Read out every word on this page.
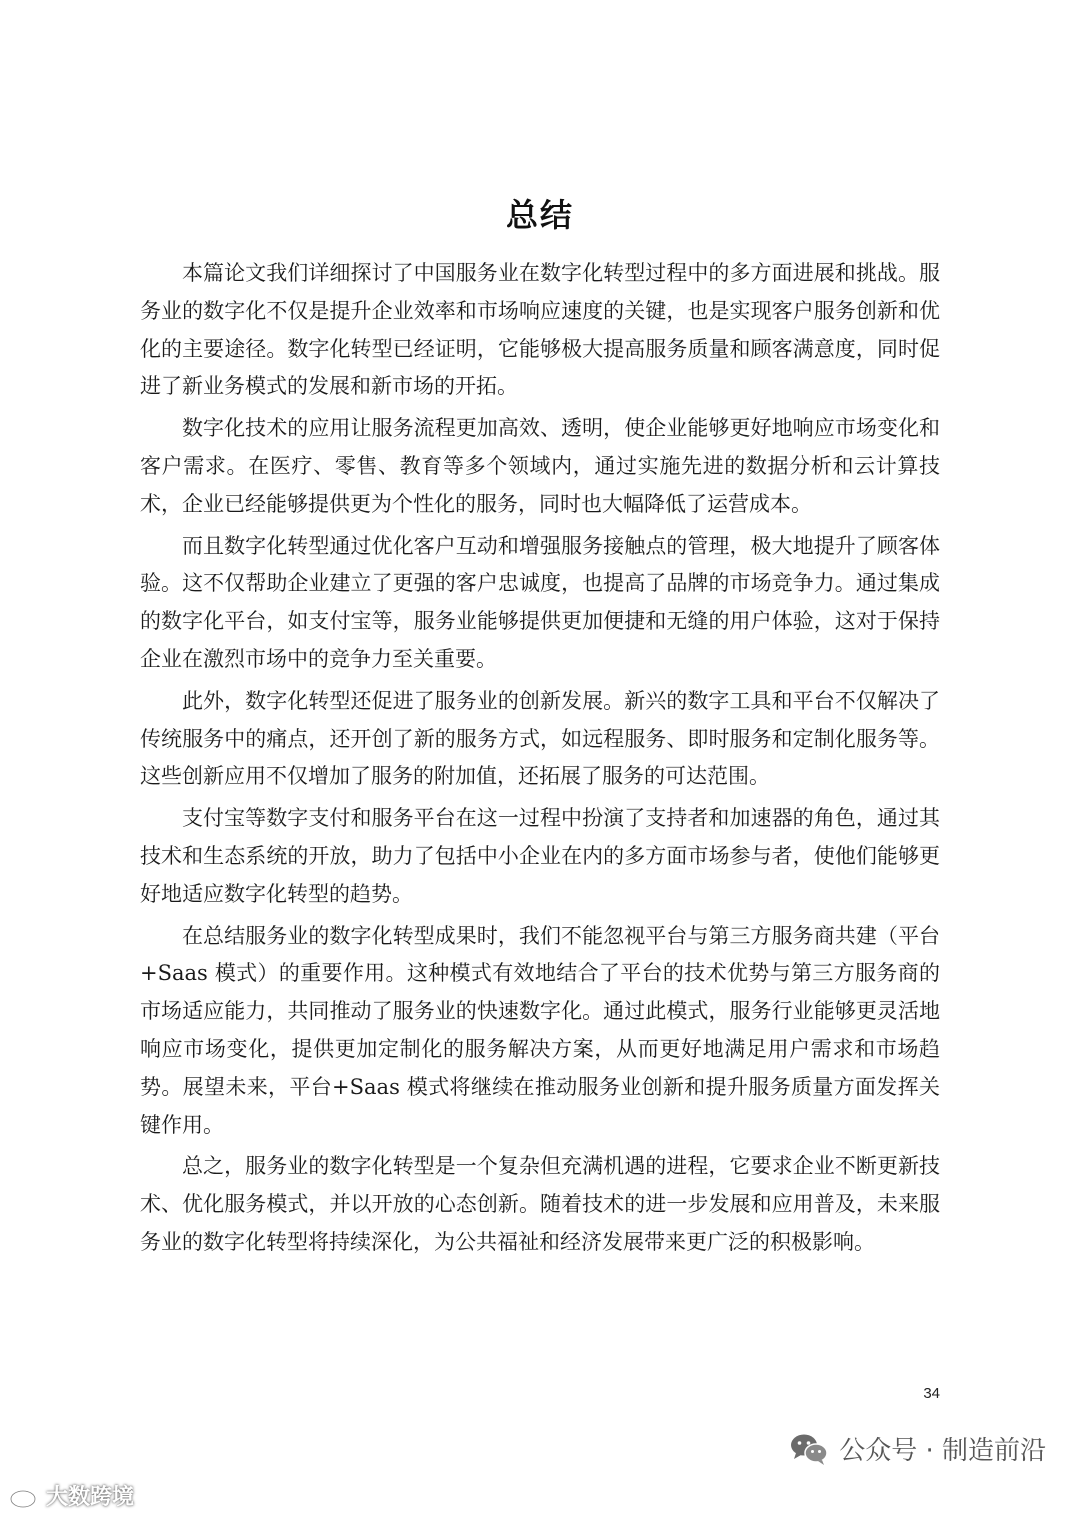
总结

本篇论文我们详细探讨了中国服务业在数字化转型过程中的多方面进展和挑战。服务业的数字化不仅是提升企业效率和市场响应速度的关键，也是实现客户服务创新和优化的主要途径。数字化转型已经证明，它能够极大提高服务质量和顾客满意度，同时促进了新业务模式的发展和新市场的开拓。

数字化技术的应用让服务流程更加高效、透明，使企业能够更好地响应市场变化和客户需求。在医疗、零售、教育等多个领域内，通过实施先进的数据分析和云计算技术，企业已经能够提供更为个性化的服务，同时也大幅降低了运营成本。

而且数字化转型通过优化客户互动和增强服务接触点的管理，极大地提升了顾客体验。这不仅帮助企业建立了更强的客户忠诚度，也提高了品牌的市场竞争力。通过集成的数字化平台，如支付宝等，服务业能够提供更加便捷和无缝的用户体验，这对于保持企业在激烈市场中的竞争力至关重要。

此外，数字化转型还促进了服务业的创新发展。新兴的数字工具和平台不仅解决了传统服务中的痛点，还开创了新的服务方式，如远程服务、即时服务和定制化服务等。这些创新应用不仅增加了服务的附加值，还拓展了服务的可达范围。

支付宝等数字支付和服务平台在这一过程中扮演了支持者和加速器的角色，通过其技术和生态系统的开放，助力了包括中小企业在内的多方面市场参与者，使他们能够更好地适应数字化转型的趋势。

在总结服务业的数字化转型成果时，我们不能忽视平台与第三方服务商共建（平台+Saas 模式）的重要作用。这种模式有效地结合了平台的技术优势与第三方服务商的市场适应能力，共同推动了服务业的快速数字化。通过此模式，服务行业能够更灵活地响应市场变化，提供更加定制化的服务解决方案，从而更好地满足用户需求和市场趋势。展望未来，平台+Saas 模式将继续在推动服务业创新和提升服务质量方面发挥关键作用。

总之，服务业的数字化转型是一个复杂但充满机遇的进程，它要求企业不断更新技术、优化服务模式，并以开放的心态创新。随着技术的进一步发展和应用普及，未来服务业的数字化转型将持续深化，为公共福祉和经济发展带来更广泛的积极影响。

34
大数跨境
公众号 · 制造前沿
